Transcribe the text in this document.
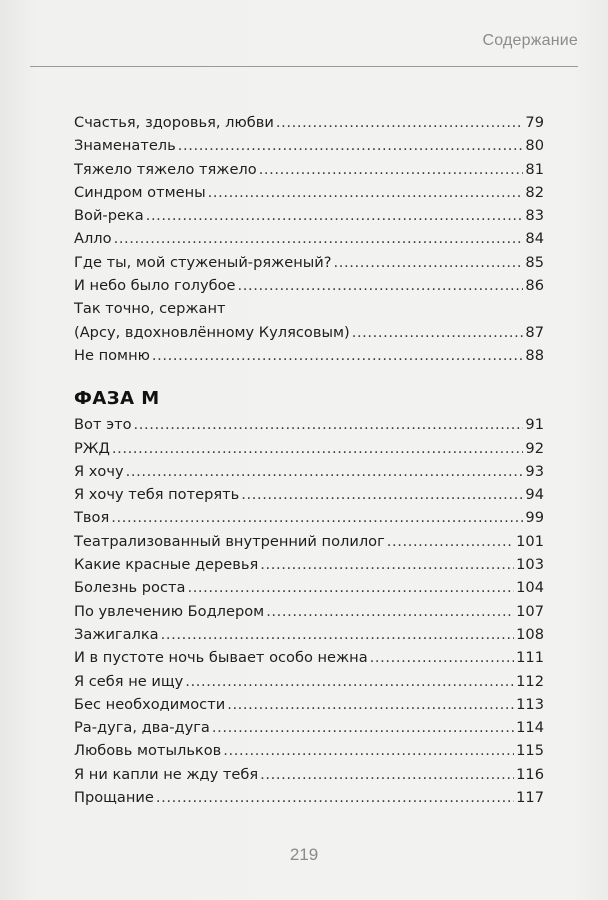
Содержание
Счастья, здоровья, любви .....	79
Знаменатель .....	80
Тяжело тяжело тяжело .....	81
Синдром отмены .....	82
Вой-река .....	83
Алло .....	84
Где ты, мой стуженый-ряженый? .....	85
И небо было голубое .....	86
Так точно, сержант
(Арсу, вдохновлённому Кулясовым) .....	87
Не помню .....	88
ФАЗА М
Вот это .....	91
РЖД .....	92
Я хочу .....	93
Я хочу тебя потерять .....	94
Твоя .....	99
Театрализованный внутренний полилог .....	101
Какие красные деревья .....	103
Болезнь роста .....	104
По увлечению Бодлером .....	107
Зажигалка .....	108
И в пустоте ночь бывает особо нежна .....	111
Я себя не ищу .....	112
Бес необходимости .....	113
Ра-дуга, два-дуга .....	114
Любовь мотыльков .....	115
Я ни капли не жду тебя .....	116
Прощание .....	117
219
